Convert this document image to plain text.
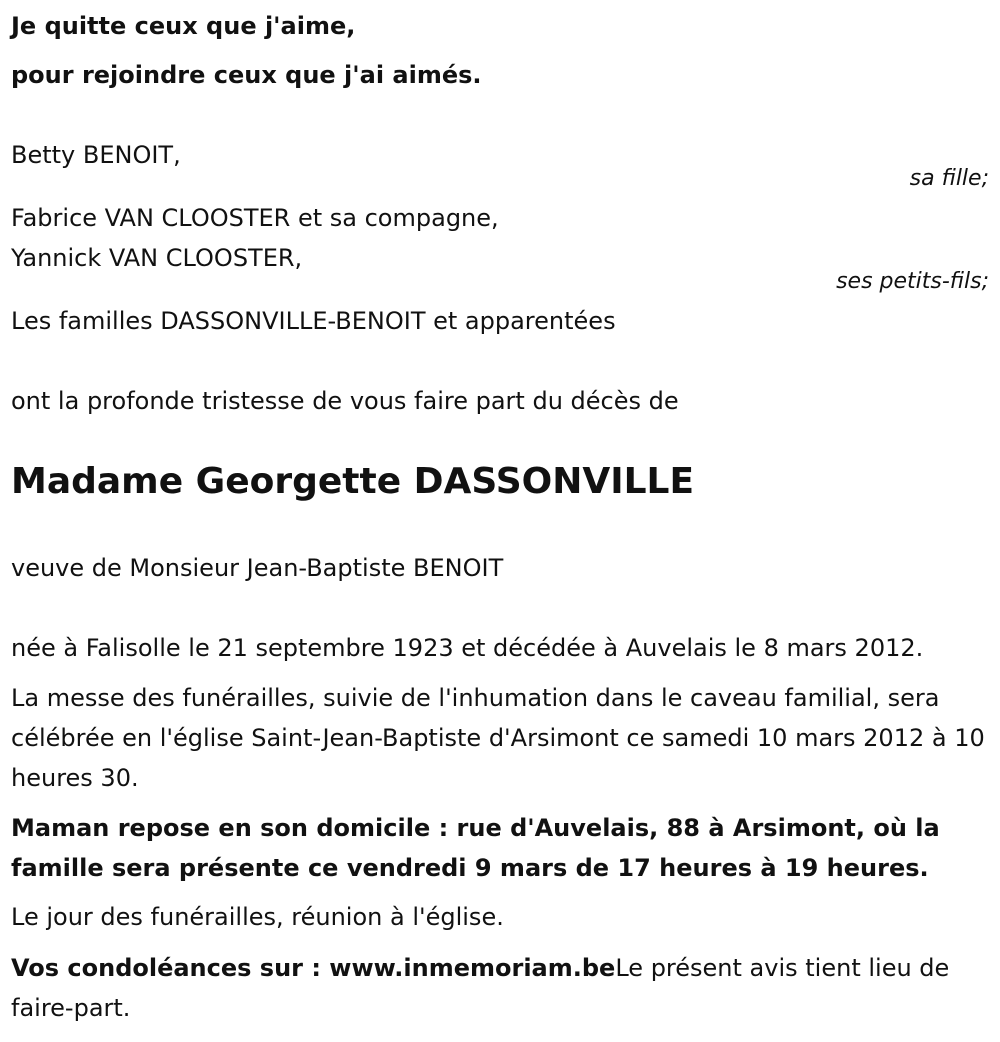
Je quitte ceux que j'aime,
pour rejoindre ceux que j'ai aimés.
Betty BENOIT,
sa fille;
Fabrice VAN CLOOSTER et sa compagne,
Yannick VAN CLOOSTER,
ses petits-fils;
Les familles DASSONVILLE-BENOIT et apparentées
ont la profonde tristesse de vous faire part du décès de
Madame Georgette DASSONVILLE
veuve de Monsieur Jean-Baptiste BENOIT
née à Falisolle le 21 septembre 1923 et décédée à Auvelais le 8 mars 2012.
La messe des funérailles, suivie de l'inhumation dans le caveau familial, sera célébrée en l'église Saint-Jean-Baptiste d'Arsimont ce samedi 10 mars 2012 à 10 heures 30.
Maman repose en son domicile : rue d'Auvelais, 88 à Arsimont, où la famille sera présente ce vendredi 9 mars de 17 heures à 19 heures.
Le jour des funérailles, réunion à l'église.
Vos condoléances sur : www.inmemoriam.beLe présent avis tient lieu de faire-part.
